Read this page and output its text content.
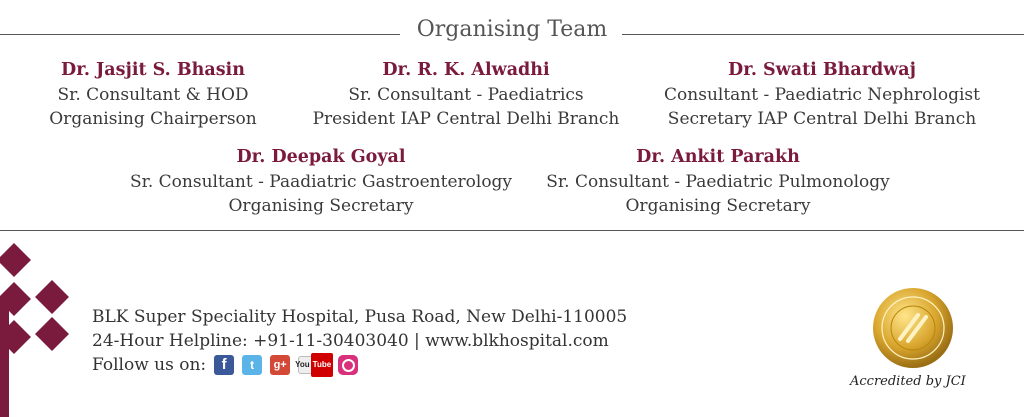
Organising Team
Dr. Jasjit S. Bhasin
Sr. Consultant & HOD
Organising Chairperson
Dr. R. K. Alwadhi
Sr. Consultant - Paediatrics
President IAP Central Delhi Branch
Dr. Swati Bhardwaj
Consultant - Paediatric Nephrologist
Secretary IAP Central Delhi Branch
Dr. Deepak Goyal
Sr. Consultant - Paadiatric Gastroenterology
Organising Secretary
Dr. Ankit Parakh
Sr. Consultant - Paediatric Pulmonology
Organising Secretary
BLK Super Speciality Hospital, Pusa Road, New Delhi-110005
24-Hour Helpline: +91-11-30403040 | www.blkhospital.com
Follow us on:	f	t	g+	You Tube
Accredited by JCI
